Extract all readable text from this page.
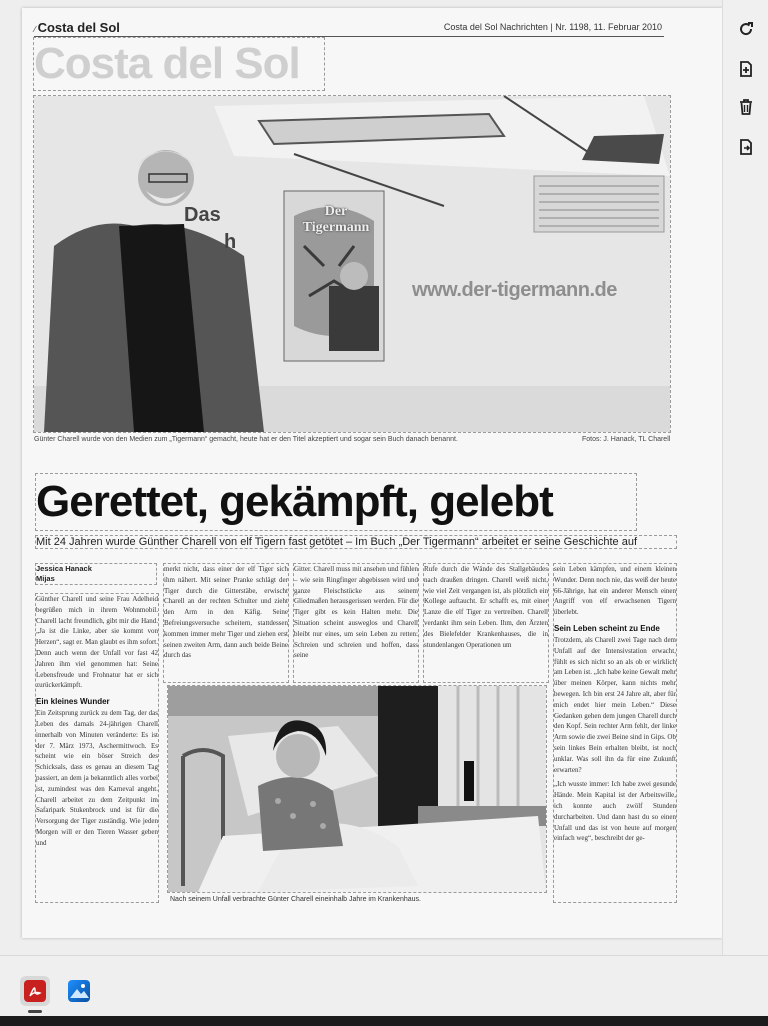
⁄ Costa del Sol	Costa del Sol Nachrichten | Nr. 1198, 11. Februar 2010
Costa del Sol
Das
h
Der Tigermann
www.der-tigermann.de
Günter Charell wurde von den Medien zum „Tigermann“ gemacht, heute hat er den Titel akzeptiert und sogar sein Buch danach benannt.	Fotos: J. Hanack, TL Charell
Gerettet, gekämpft, gelebt
Mit 24 Jahren wurde Günther Charell von elf Tigern fast getötet – Im Buch „Der Tigermann“ arbeitet er seine Geschichte auf
Jessica Hanack
Mijas
Günther Charell und seine Frau Adelheid begrüßen mich in ihrem Wohnmobil. Charell lacht freundlich, gibt mir die Hand. „Ja ist die Linke, aber sie kommt von Herzen“, sagt er. Man glaubt es ihm sofort. Denn auch wenn der Unfall vor fast 42 Jahren ihm viel genommen hat: Seine Lebensfreude und Frohnatur hat er sich zurückerkämpft.
Ein kleines Wunder
Ein Zeitsprung zurück zu dem Tag, der das Leben des damals 24-jährigen Charell innerhalb von Minuten veränderte: Es ist der 7. März 1973, Aschermittwoch. Es scheint wie ein böser Streich des Schicksals, dass es genau an diesem Tag passiert, an dem ja bekanntlich alles vorbei ist, zumindest was den Karneval angeht. Charell arbeitet zu dem Zeitpunkt im Safaripark Stukenbrock und ist für die Versorgung der Tiger zuständig. Wie jeden Morgen will er den Tieren Wasser geben und
merkt nicht, dass einer der elf Tiger sich ihm nähert. Mit seiner Pranke schlägt der Tiger durch die Gitterstäbe, erwischt Charell an der rechten Schulter und zieht den Arm in den Käfig. Seine Befreiungsversuche scheitern, stattdessen kommen immer mehr Tiger und ziehen erst seinen zweiten Arm, dann auch beide Beine durch das
Gitter. Charell muss mit ansehen und fühlen – wie sein Ringfinger abgebissen wird und ganze Fleischstücke aus seinem Gliedmaßen herausgerissen werden. Für die Tiger gibt es kein Halten mehr. Die Situation scheint ausweglos und Charell bleibt nur eines, um sein Leben zu retten: Schreien und schreien und hoffen, dass seine
Rufe durch die Wände des Stallgebäudes nach draußen dringen. Charell weiß nicht, wie viel Zeit vergangen ist, als plötzlich ein Kollege auftaucht. Er schafft es, mit einer Lanze die elf Tiger zu vertreiben. Charell verdankt ihm sein Leben. Ihm, den Ärzten des Bielefelder Krankenhauses, die in stundenlangen Operationen um
sein Leben kämpfen, und einem kleinen Wunder. Denn noch nie, das weiß der heute 66-Jährige, hat ein anderer Mensch einen Angriff von elf erwachsenen Tigern überlebt.
Sein Leben scheint zu Ende
Trotzdem, als Charell zwei Tage nach dem Unfall auf der Intensivstation erwacht, fühlt es sich nicht so an als ob er wirklich am Leben ist. „Ich habe keine Gewalt mehr über meinen Körper, kann nichts mehr bewegen. Ich bin erst 24 Jahre alt, aber für mich endet hier mein Leben.“ Diese Gedanken gehen dem jungen Charell durch den Kopf. Sein rechter Arm fehlt, der linke Arm sowie die zwei Beine sind in Gips. Ob sein linkes Bein erhalten bleibt, ist noch unklar. Was soll ihn da für eine Zukunft erwarten?
„Ich wusste immer: Ich habe zwei gesunde Hände. Mein Kapital ist der Arbeitswille, ich konnte auch zwölf Stunden durcharbeiten. Und dann hast du so einen Unfall und das ist von heute auf morgen einfach weg“, beschreibt der ge-
Nach seinem Unfall verbrachte Günter Charell eineinhalb Jahre im Krankenhaus.
